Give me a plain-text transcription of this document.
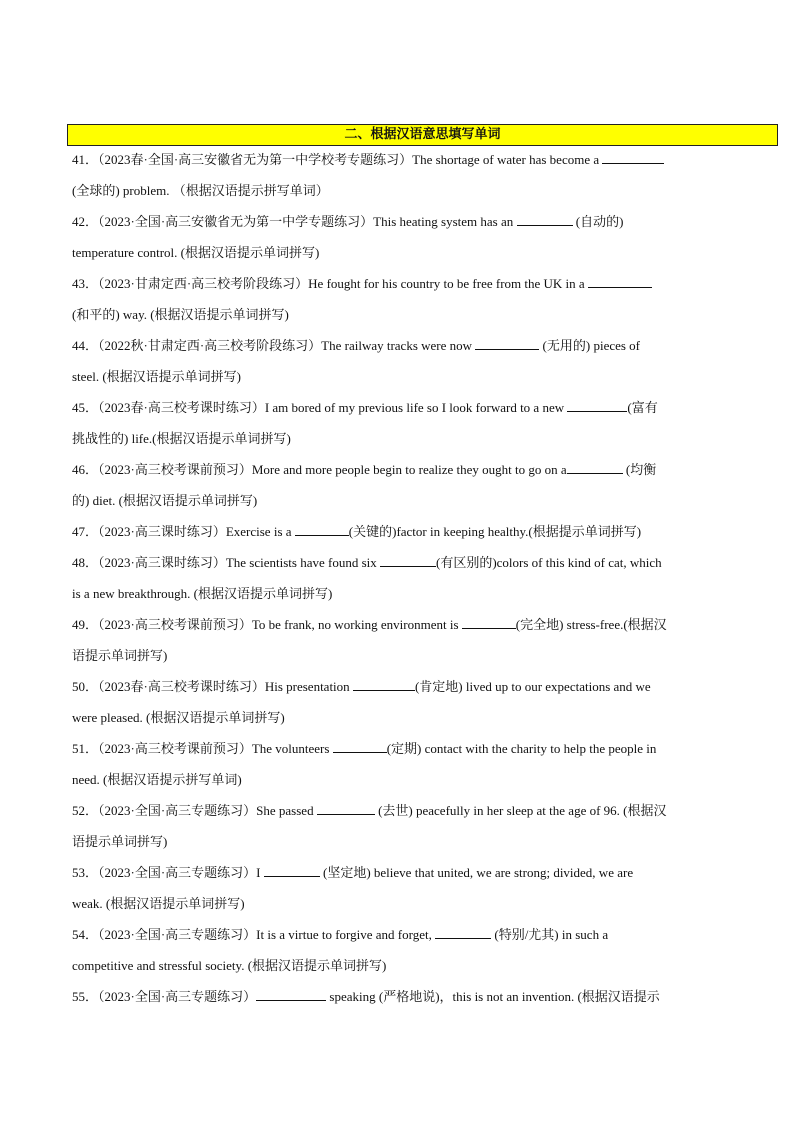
二、根据汉语意思填写单词
41．（2023春·全国·高三安徽省无为第一中学校考专题练习）The shortage of water has become a
(全球的) problem. （根据汉语提示拼写单词）
42．（2023·全国·高三安徽省无为第一中学专题练习）This heating system has an	(自动的)
temperature control. (根据汉语提示单词拼写)
43．（2023·甘肃定西·高三校考阶段练习）He fought for his country to be free from the UK in a
(和平的) way. (根据汉语提示单词拼写)
44．（2022秋·甘肃定西·高三校考阶段练习）The railway tracks were now	(无用的) pieces of
steel. (根据汉语提示单词拼写)
45．（2023春·高三校考课时练习）I am bored of my previous life so I look forward to a new	(富有
挑战性的) life.(根据汉语提示单词拼写)
46．（2023·高三校考课前预习）More and more people begin to realize they ought to go on a	(均衡
的) diet. (根据汉语提示单词拼写)
47．（2023·高三课时练习）Exercise is a	(关键的)factor in keeping healthy.(根据提示单词拼写)
48．（2023·高三课时练习）The scientists have found six	(有区别的)colors of this kind of cat, which
is a new breakthrough. (根据汉语提示单词拼写)
49．（2023·高三校考课前预习）To be frank, no working environment is	(完全地) stress-free.(根据汉
语提示单词拼写)
50．（2023春·高三校考课时练习）His presentation	(肯定地) lived up to our expectations and we
were pleased. (根据汉语提示单词拼写)
51．（2023·高三校考课前预习）The volunteers	(定期) contact with the charity to help the people in
need. (根据汉语提示拼写单词)
52．（2023·全国·高三专题练习）She passed	(去世) peacefully in her sleep at the age of 96. (根据汉
语提示单词拼写)
53．（2023·全国·高三专题练习）I	(坚定地) believe that united, we are strong; divided, we are
weak. (根据汉语提示单词拼写)
54．（2023·全国·高三专题练习）It is a virtue to forgive and forget,	(特别/尤其) in such a
competitive and stressful society. (根据汉语提示单词拼写)
55．（2023·全国·高三专题练习）	speaking (严格地说)，this is not an invention. (根据汉语提示
